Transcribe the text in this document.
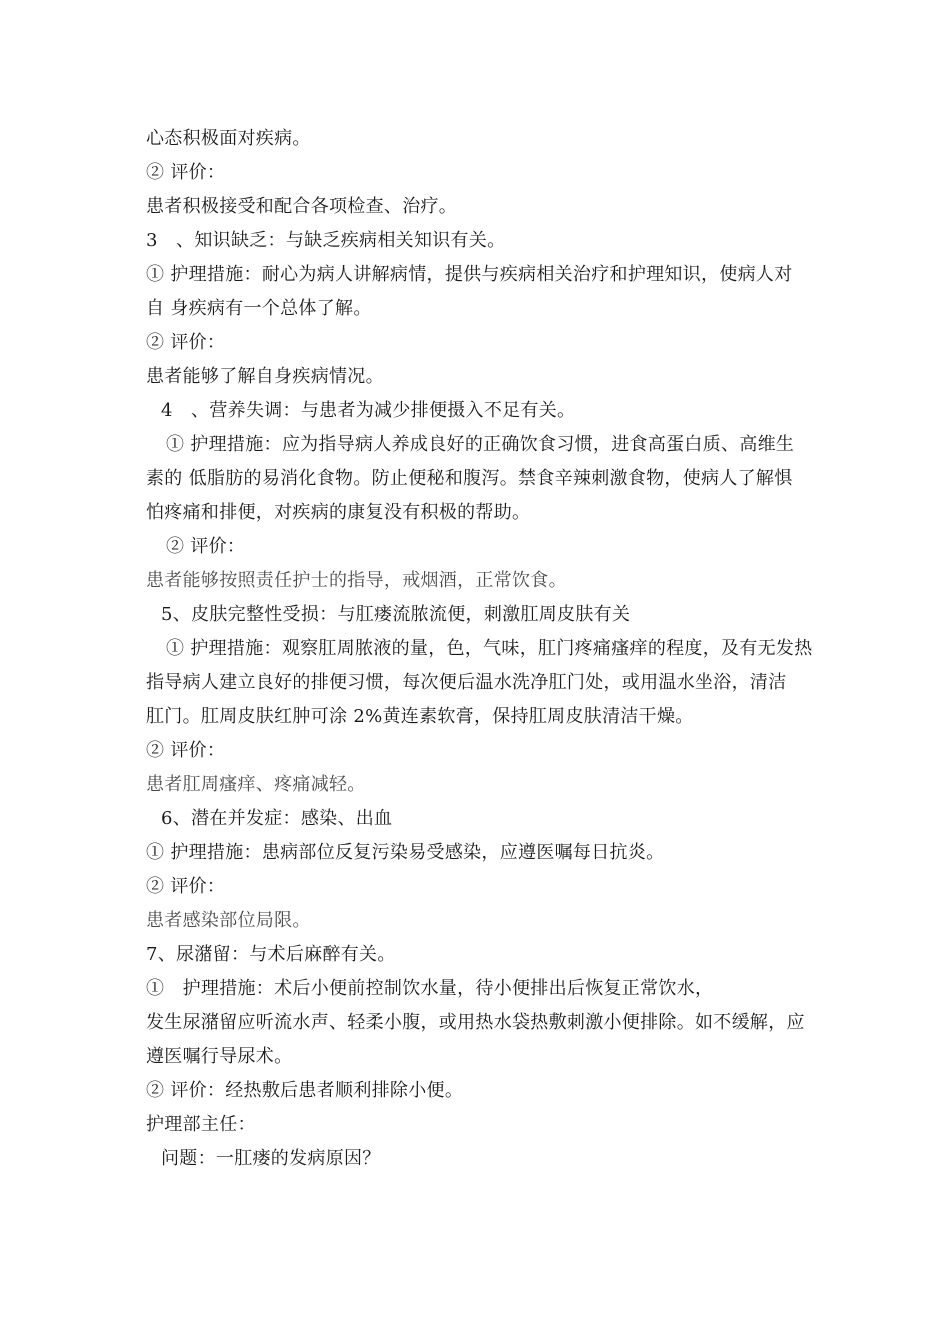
心态积极面对疾病。
② 评价：
患者积极接受和配合各项检查、治疗。
3　、知识缺乏：与缺乏疾病相关知识有关。
① 护理措施：耐心为病人讲解病情，提供与疾病相关治疗和护理知识，使病人对
自 身疾病有一个总体了解。
② 评价：
患者能够了解自身疾病情况。
4　、营养失调：与患者为减少排便摄入不足有关。
① 护理措施：应为指导病人养成良好的正确饮食习惯，进食高蛋白质、高维生
素的 低脂肪的易消化食物。防止便秘和腹泻。禁食辛辣刺激食物，使病人了解惧
怕疼痛和排便，对疾病的康复没有积极的帮助。
② 评价：
患者能够按照责任护士的指导，戒烟酒，正常饮食。
5、皮肤完整性受损：与肛瘘流脓流便，刺激肛周皮肤有关
① 护理措施：观察肛周脓液的量，色，气味，肛门疼痛瘙痒的程度，及有无发热
指导病人建立良好的排便习惯，每次便后温水洗净肛门处，或用温水坐浴，清洁
肛门。肛周皮肤红肿可涂 2%黄连素软膏，保持肛周皮肤清洁干燥。
② 评价：
患者肛周瘙痒、疼痛减轻。
6、潜在并发症：感染、出血
① 护理措施：患病部位反复污染易受感染，应遵医嘱每日抗炎。
② 评价：
患者感染部位局限。
7、尿潴留：与术后麻醉有关。
①　护理措施：术后小便前控制饮水量，待小便排出后恢复正常饮水，
发生尿潴留应听流水声、轻柔小腹，或用热水袋热敷刺激小便排除。如不缓解，应
遵医嘱行导尿术。
② 评价：经热敷后患者顺利排除小便。
护理部主任：
问题：一肛瘘的发病原因？
